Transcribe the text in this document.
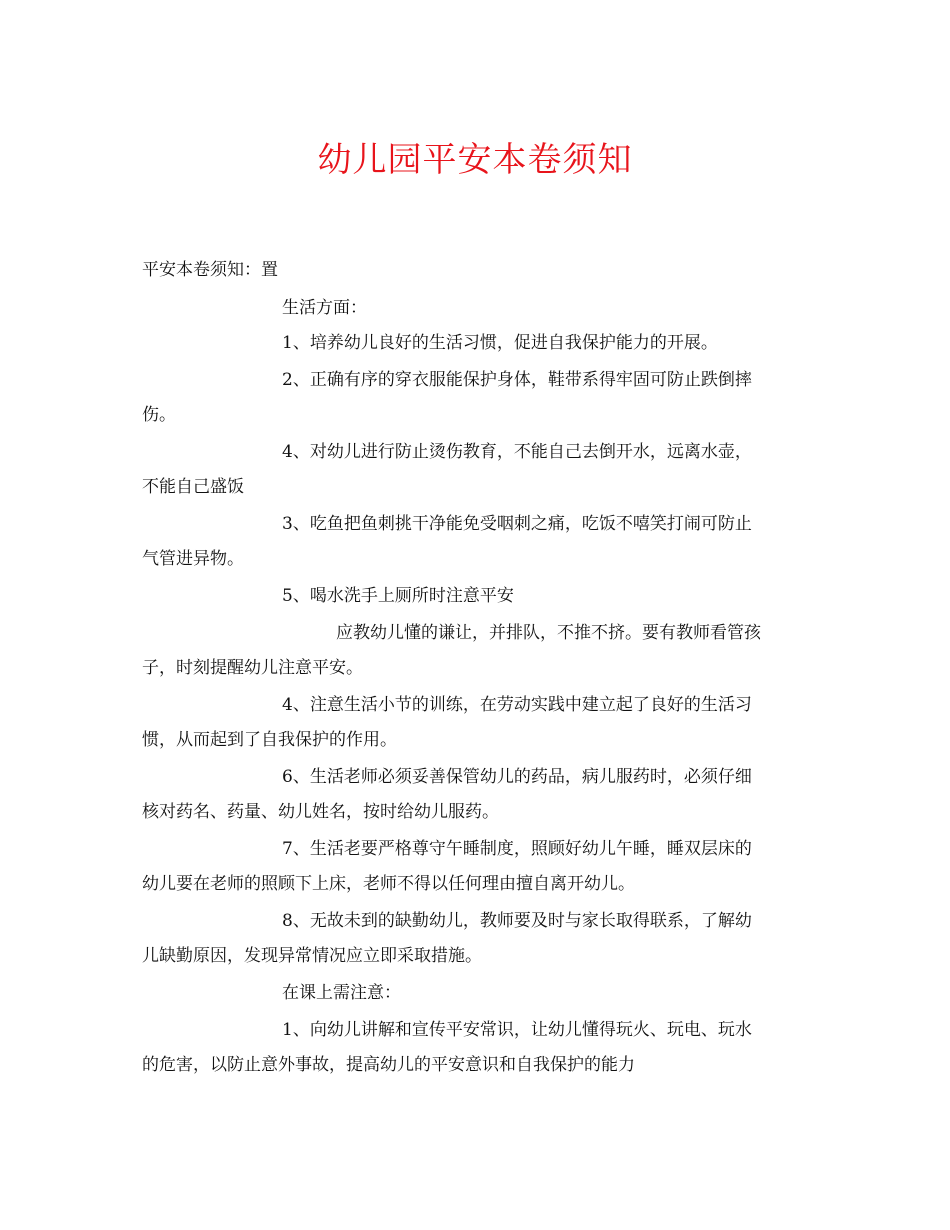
幼儿园平安本卷须知
平安本卷须知：置
生活方面：
1、培养幼儿良好的生活习惯，促进自我保护能力的开展。
2、正确有序的穿衣服能保护身体，鞋带系得牢固可防止跌倒摔
伤。
4、对幼儿进行防止烫伤教育，不能自己去倒开水，远离水壶，
不能自己盛饭
3、吃鱼把鱼刺挑干净能免受咽刺之痛，吃饭不嘻笑打闹可防止
气管进异物。
5、喝水洗手上厕所时注意平安
应教幼儿懂的谦让，并排队，不推不挤。要有教师看管孩
子，时刻提醒幼儿注意平安。
4、注意生活小节的训练，在劳动实践中建立起了良好的生活习
惯，从而起到了自我保护的作用。
6、生活老师必须妥善保管幼儿的药品，病儿服药时，必须仔细
核对药名、药量、幼儿姓名，按时给幼儿服药。
7、生活老要严格尊守午睡制度，照顾好幼儿午睡，睡双层床的
幼儿要在老师的照顾下上床，老师不得以任何理由擅自离开幼儿。
8、无故未到的缺勤幼儿，教师要及时与家长取得联系，了解幼
儿缺勤原因，发现异常情况应立即采取措施。
在课上需注意：
1、向幼儿讲解和宣传平安常识，让幼儿懂得玩火、玩电、玩水
的危害，以防止意外事故，提高幼儿的平安意识和自我保护的能力
